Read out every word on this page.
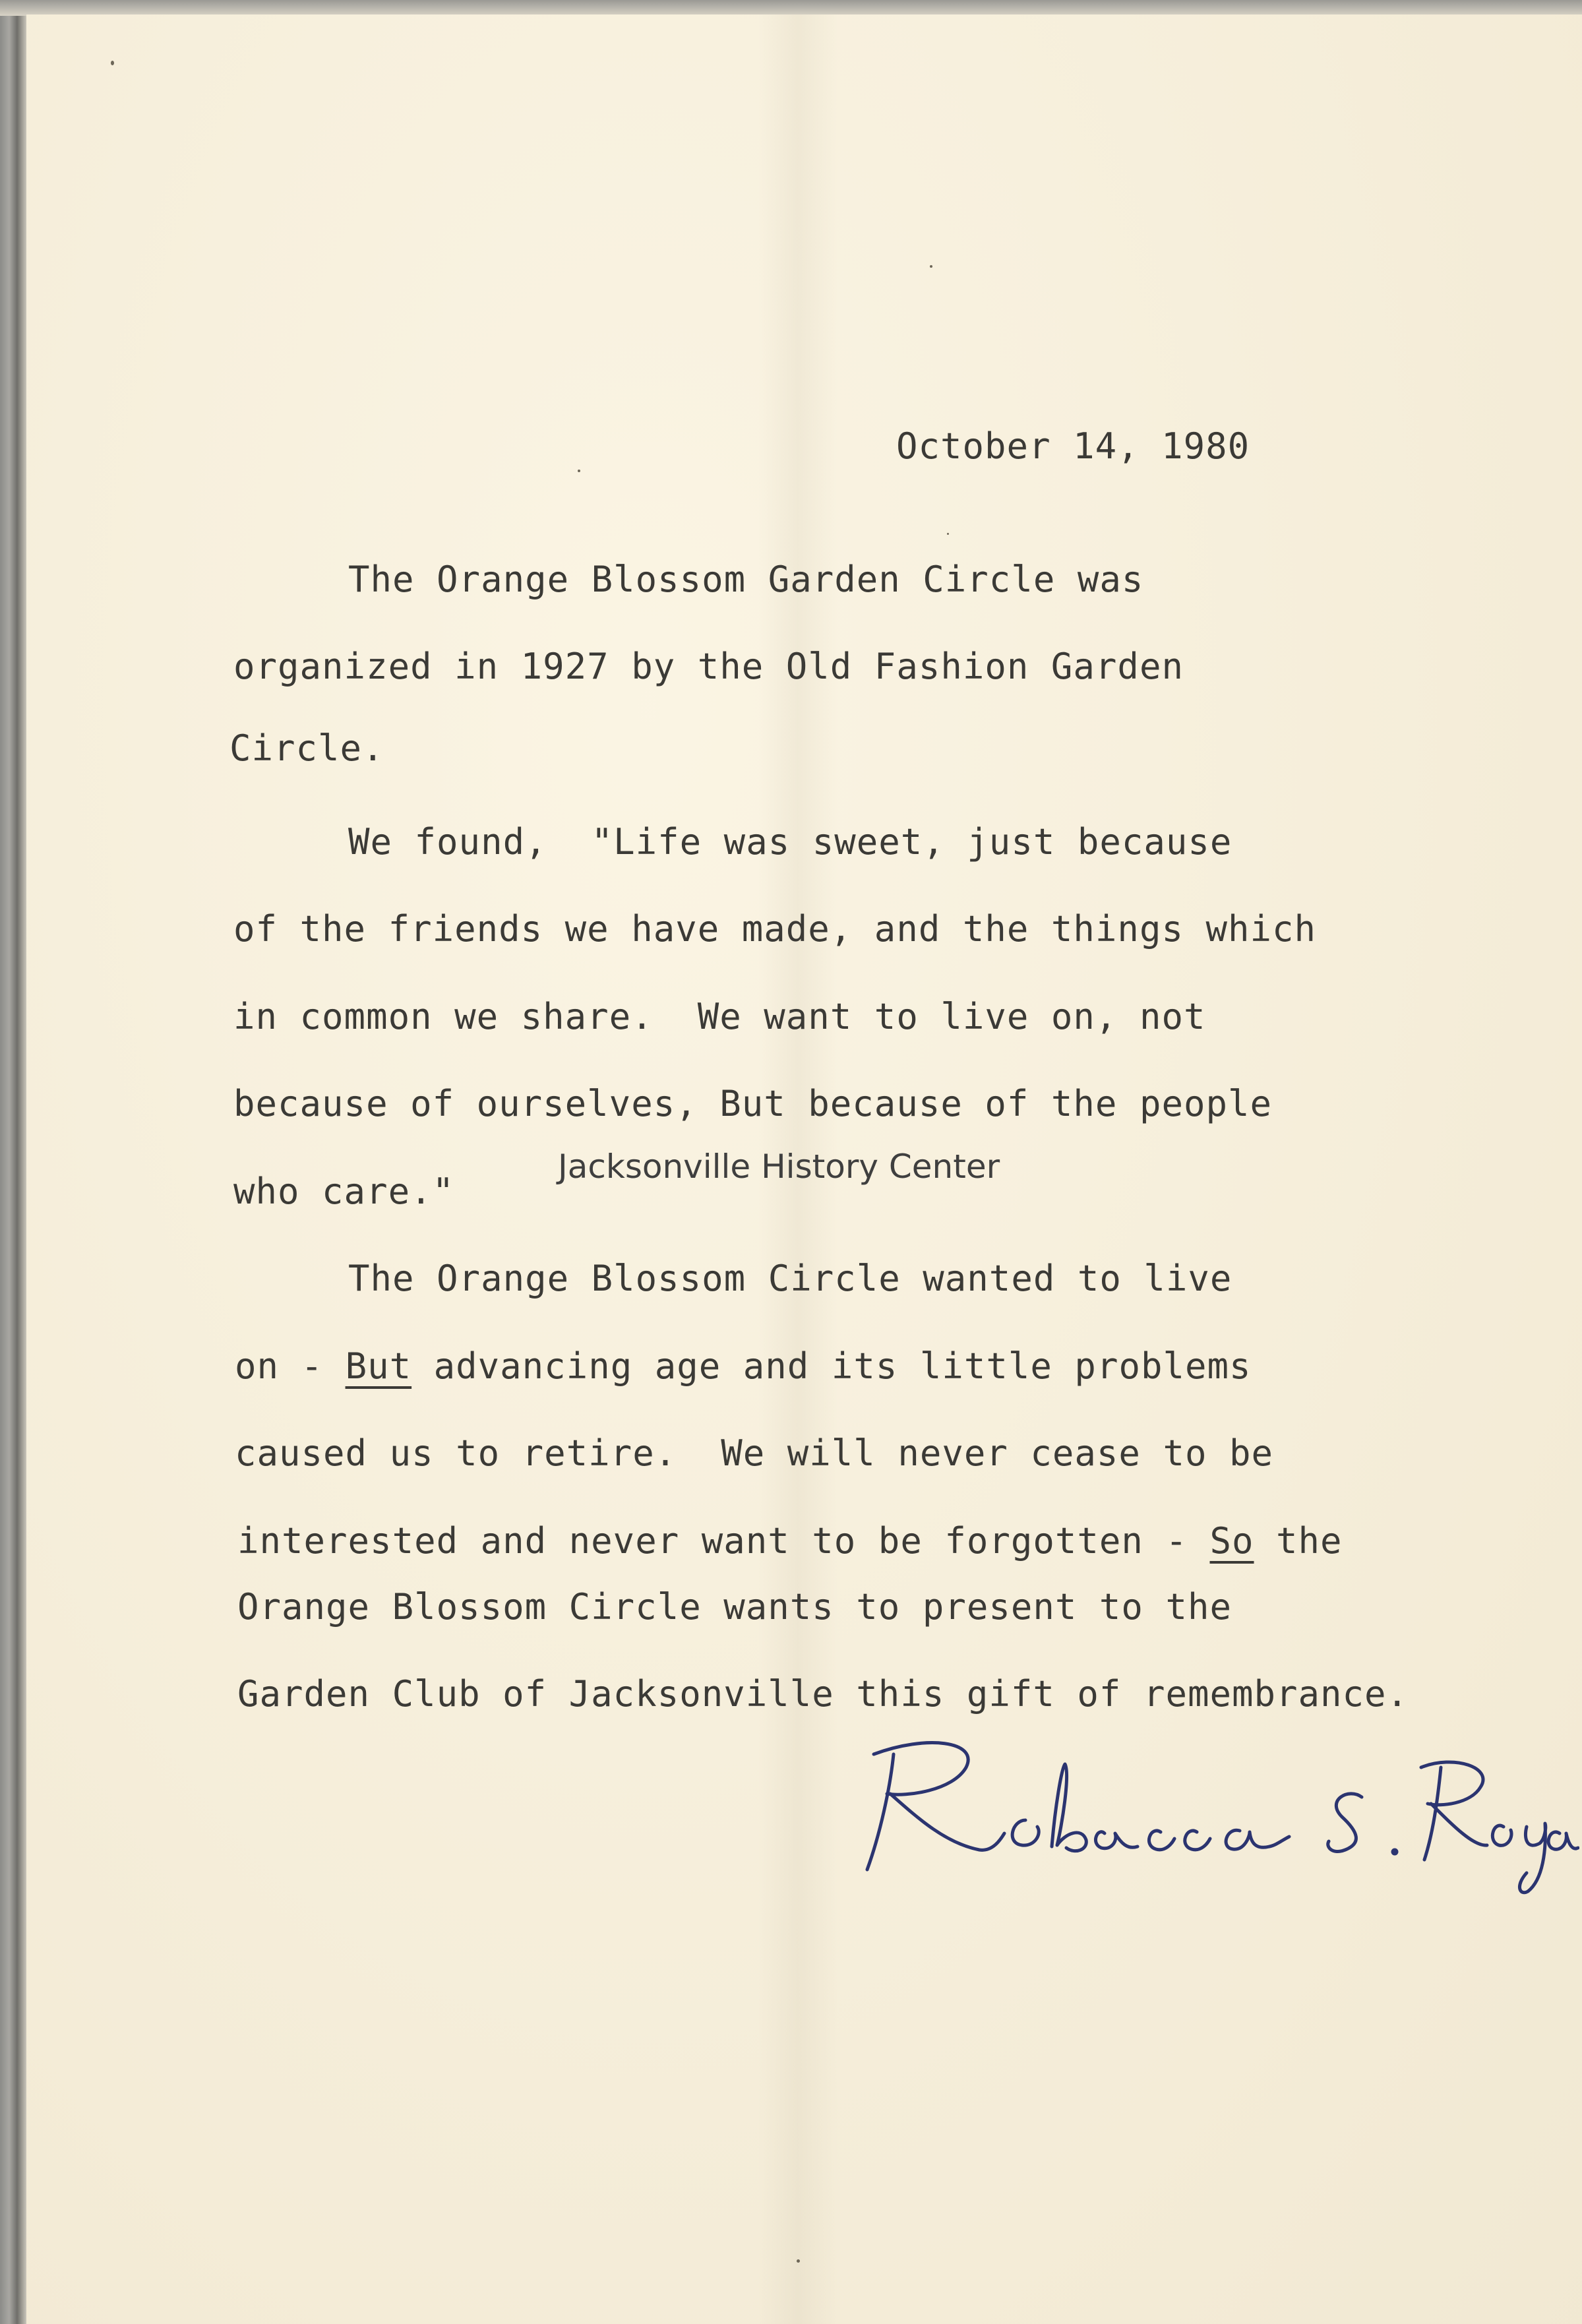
October 14, 1980
The Orange Blossom Garden Circle was
organized in 1927 by the Old Fashion Garden
Circle.
We found,  "Life was sweet, just because
of the friends we have made, and the things which
in common we share.  We want to live on, not
because of ourselves, But because of the people
who care."
Jacksonville History Center
The Orange Blossom Circle wanted to live
on - But advancing age and its little problems
caused us to retire.  We will never cease to be
interested and never want to be forgotten - So the
Orange Blossom Circle wants to present to the
Garden Club of Jacksonville this gift of remembrance.
